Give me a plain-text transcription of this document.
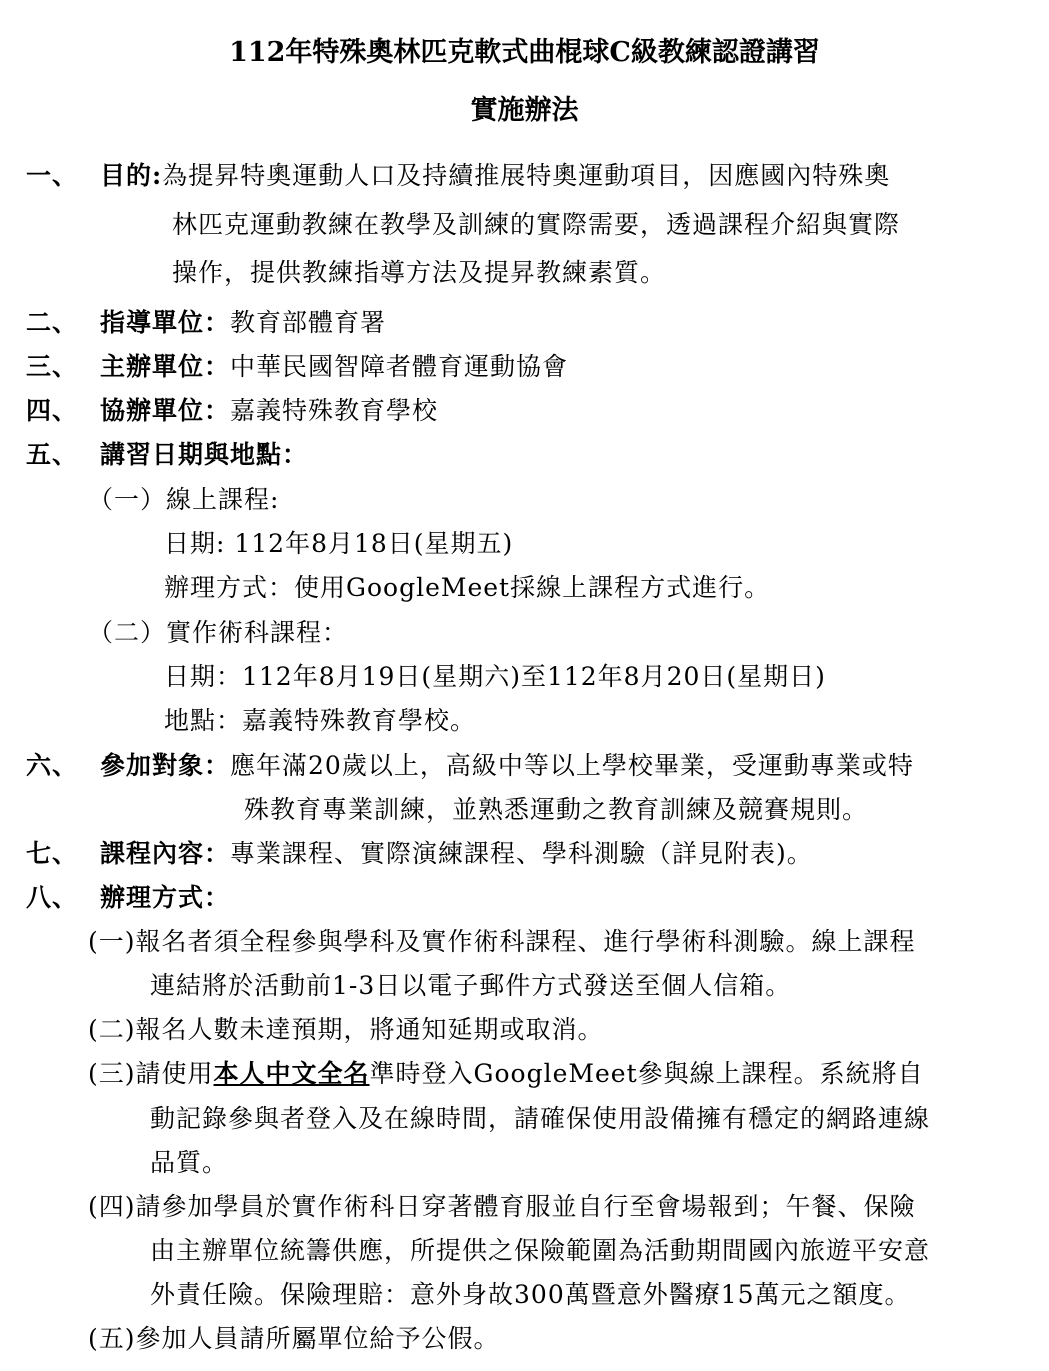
112年特殊奧林匹克軟式曲棍球C級教練認證講習
實施辦法
一、 目的:為提昇特奧運動人口及持續推展特奧運動項目，因應國內特殊奧
林匹克運動教練在教學及訓練的實際需要，透過課程介紹與實際
操作，提供教練指導方法及提昇教練素質。
二、 指導單位：教育部體育署
三、 主辦單位：中華民國智障者體育運動協會
四、 協辦單位：嘉義特殊教育學校
五、 講習日期與地點：
（一）線上課程:
日期: 112年8月18日(星期五)
辦理方式：使用GoogleMeet採線上課程方式進行。
（二）實作術科課程：
日期：112年8月19日(星期六)至112年8月20日(星期日)
地點：嘉義特殊教育學校。
六、 參加對象：應年滿20歲以上，高級中等以上學校畢業，受運動專業或特
殊教育專業訓練，並熟悉運動之教育訓練及競賽規則。
七、 課程內容：專業課程、實際演練課程、學科測驗（詳見附表)。
八、 辦理方式：
(一)報名者須全程參與學科及實作術科課程、進行學術科測驗。線上課程
連結將於活動前1-3日以電子郵件方式發送至個人信箱。
(二)報名人數未達預期，將通知延期或取消。
(三)請使用本人中文全名準時登入GoogleMeet參與線上課程。系統將自
動記錄參與者登入及在線時間，請確保使用設備擁有穩定的網路連線
品質。
(四)請參加學員於實作術科日穿著體育服並自行至會場報到；午餐、保險
由主辦單位統籌供應，所提供之保險範圍為活動期間國內旅遊平安意
外責任險。保險理賠：意外身故300萬暨意外醫療15萬元之額度。
(五)參加人員請所屬單位給予公假。
